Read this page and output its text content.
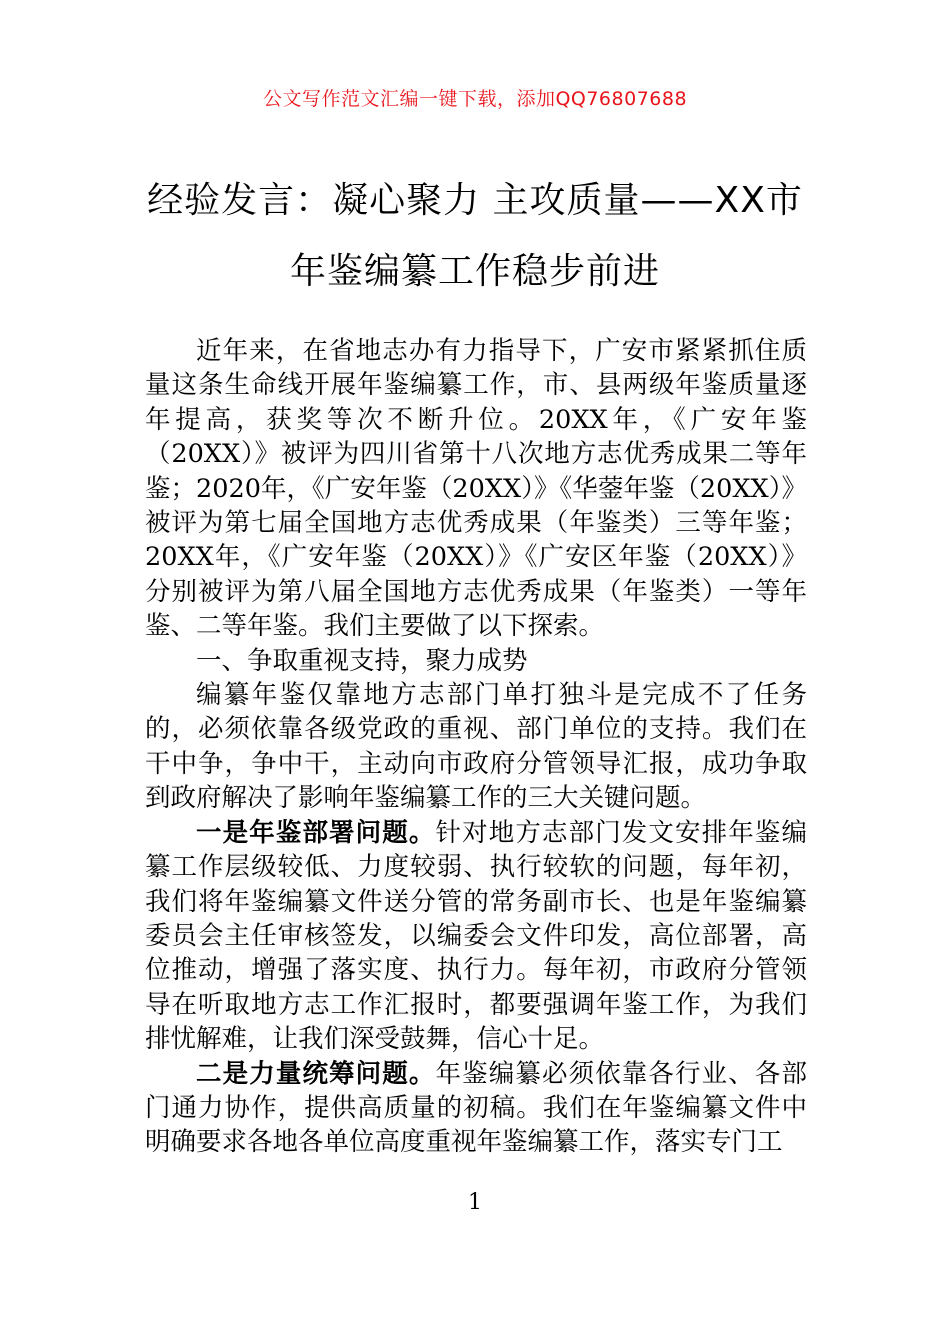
公文写作范文汇编一键下载，添加QQ76807688
经验发言：凝心聚力 主攻质量——XX市
年鉴编纂工作稳步前进

近年来，在省地志办有力指导下，广安市紧紧抓住质量这条生命线开展年鉴编纂工作，市、县两级年鉴质量逐年提高，获奖等次不断升位。20XX年，《广安年鉴（20XX）》被评为四川省第十八次地方志优秀成果二等年鉴；2020年，《广安年鉴（20XX）》《华蓥年鉴（20XX）》被评为第七届全国地方志优秀成果（年鉴类）三等年鉴；20XX年，《广安年鉴（20XX）》《广安区年鉴（20XX）》分别被评为第八届全国地方志优秀成果（年鉴类）一等年鉴、二等年鉴。我们主要做了以下探索。

一、争取重视支持，聚力成势

编纂年鉴仅靠地方志部门单打独斗是完成不了任务的，必须依靠各级党政的重视、部门单位的支持。我们在干中争，争中干，主动向市政府分管领导汇报，成功争取到政府解决了影响年鉴编纂工作的三大关键问题。

一是年鉴部署问题。针对地方志部门发文安排年鉴编纂工作层级较低、力度较弱、执行较软的问题，每年初，我们将年鉴编纂文件送分管的常务副市长、也是年鉴编纂委员会主任审核签发，以编委会文件印发，高位部署，高位推动，增强了落实度、执行力。每年初，市政府分管领导在听取地方志工作汇报时，都要强调年鉴工作，为我们排忧解难，让我们深受鼓舞，信心十足。

二是力量统筹问题。年鉴编纂必须依靠各行业、各部门通力协作，提供高质量的初稿。我们在年鉴编纂文件中明确要求各地各单位高度重视年鉴编纂工作，落实专门工

1
